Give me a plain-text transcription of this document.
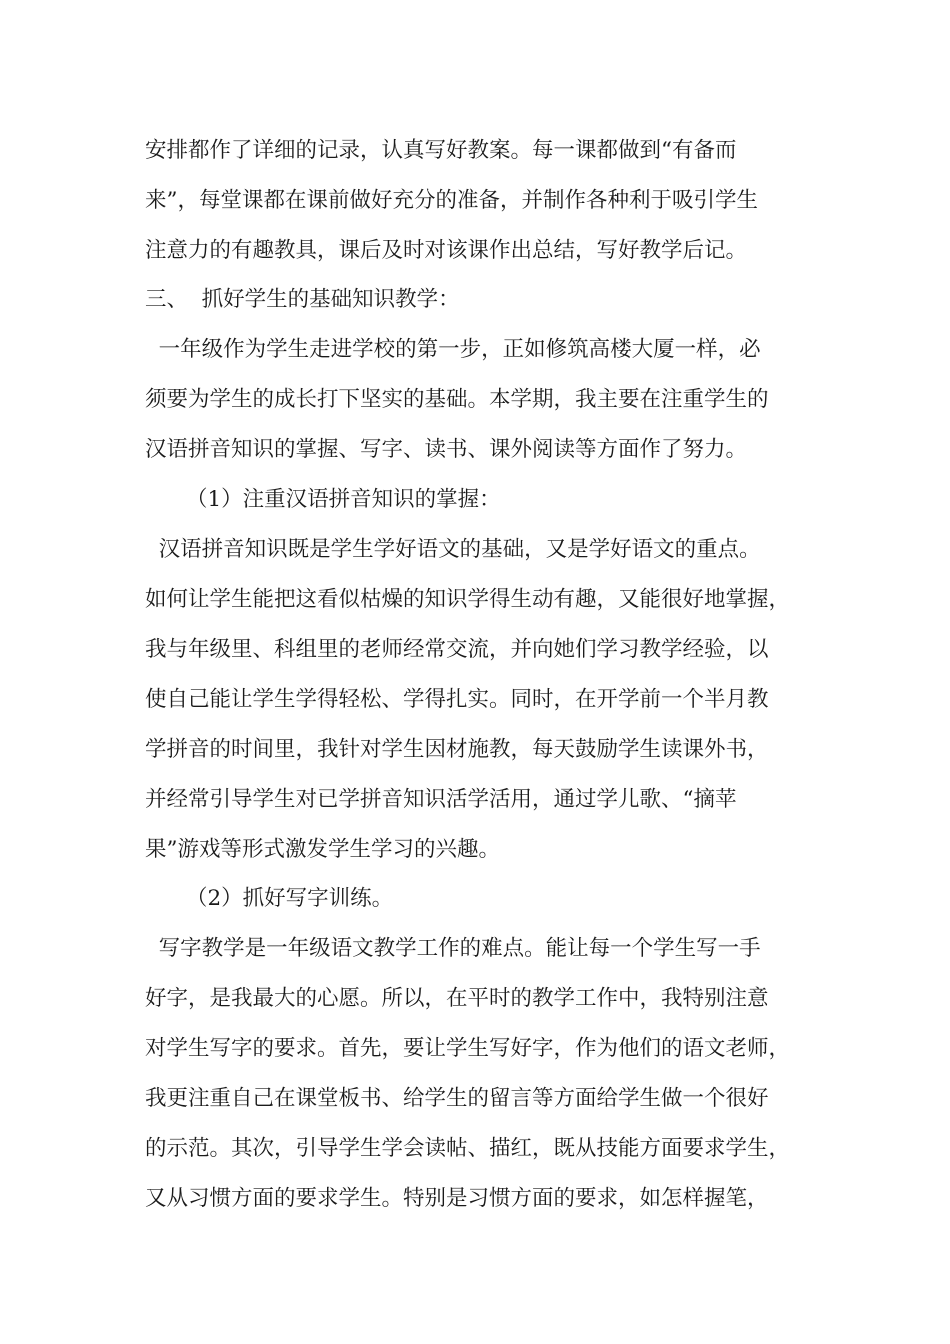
安排都作了详细的记录，认真写好教案。每一课都做到“有备而
来”，每堂课都在课前做好充分的准备，并制作各种利于吸引学生
注意力的有趣教具，课后及时对该课作出总结，写好教学后记。
三、  抓好学生的基础知识教学：
一年级作为学生走进学校的第一步，正如修筑高楼大厦一样，必
须要为学生的成长打下坚实的基础。本学期，我主要在注重学生的
汉语拼音知识的掌握、写字、读书、课外阅读等方面作了努力。
（1）注重汉语拼音知识的掌握：
汉语拼音知识既是学生学好语文的基础，又是学好语文的重点。
如何让学生能把这看似枯燥的知识学得生动有趣，又能很好地掌握，
我与年级里、科组里的老师经常交流，并向她们学习教学经验，以
使自己能让学生学得轻松、学得扎实。同时，在开学前一个半月教
学拼音的时间里，我针对学生因材施教，每天鼓励学生读课外书，
并经常引导学生对已学拼音知识活学活用，通过学儿歌、“摘苹
果”游戏等形式激发学生学习的兴趣。
（2）抓好写字训练。
写字教学是一年级语文教学工作的难点。能让每一个学生写一手
好字，是我最大的心愿。所以，在平时的教学工作中，我特别注意
对学生写字的要求。首先，要让学生写好字，作为他们的语文老师，
我更注重自己在课堂板书、给学生的留言等方面给学生做一个很好
的示范。其次，引导学生学会读帖、描红，既从技能方面要求学生，
又从习惯方面的要求学生。特别是习惯方面的要求，如怎样握笔，
